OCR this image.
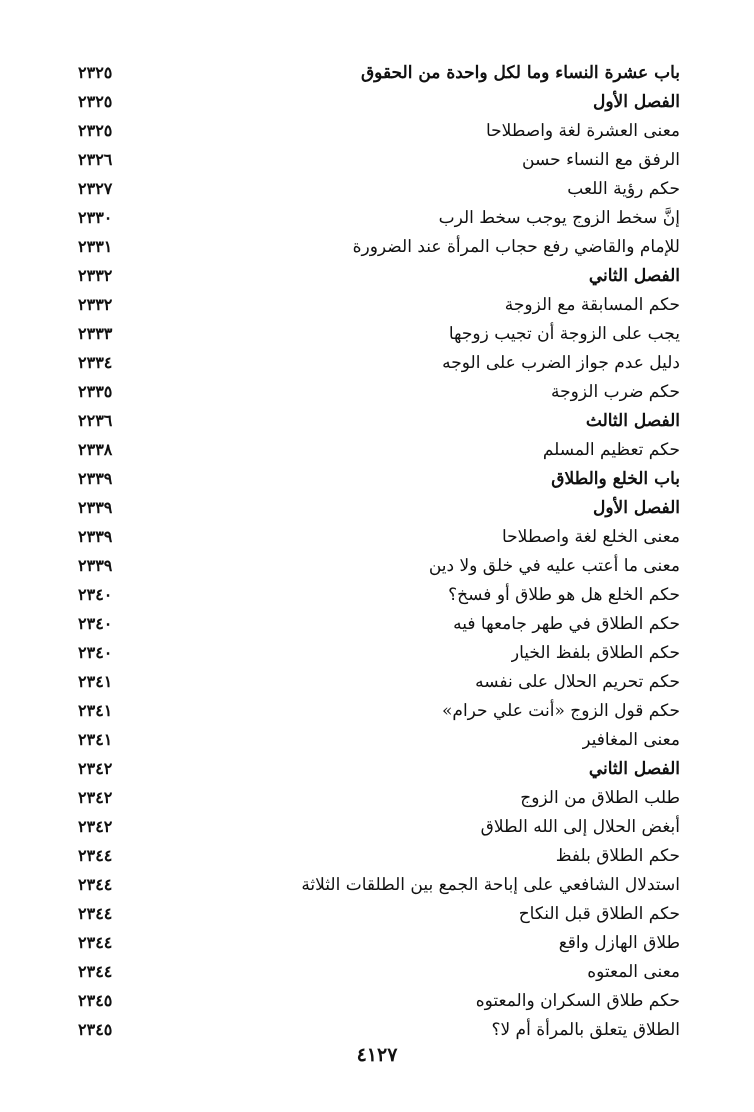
باب عشرة النساء وما لكل واحدة من الحقوق
٢٣٢٥
الفصل الأول
٢٣٢٥
معنى العشرة لغة واصطلاحا
٢٣٢٥
الرفق مع النساء حسن
٢٣٢٦
حكم رؤية اللعب
٢٣٢٧
إنَّ سخط الزوج يوجب سخط الرب
٢٣٣٠
للإمام والقاضي رفع حجاب المرأة عند الضرورة
٢٣٣١
الفصل الثاني
٢٣٣٢
حكم المسابقة مع الزوجة
٢٣٣٢
يجب على الزوجة أن تجيب زوجها
٢٣٣٣
دليل عدم جواز الضرب على الوجه
٢٣٣٤
حكم ضرب الزوجة
٢٣٣٥
الفصل الثالث
٢٢٣٦
حكم تعظيم المسلم
٢٣٣٨
باب الخلع والطلاق
٢٣٣٩
الفصل الأول
٢٣٣٩
معنى الخلع لغة واصطلاحا
٢٣٣٩
معنى ما أعتب عليه في خلق ولا دين
٢٣٣٩
حكم الخلع هل هو طلاق أو فسخ؟
٢٣٤٠
حكم الطلاق في طهر جامعها فيه
٢٣٤٠
حكم الطلاق بلفظ الخيار
٢٣٤٠
حكم تحريم الحلال على نفسه
٢٣٤١
حكم قول الزوج «أنت علي حرام»
٢٣٤١
معنى المغافير
٢٣٤١
الفصل الثاني
٢٣٤٢
طلب الطلاق من الزوج
٢٣٤٢
أبغض الحلال إلى الله الطلاق
٢٣٤٢
حكم الطلاق بلفظ
٢٣٤٤
استدلال الشافعي على إباحة الجمع بين الطلقات الثلاثة
٢٣٤٤
حكم الطلاق قبل النكاح
٢٣٤٤
طلاق الهازل واقع
٢٣٤٤
معنى المعتوه
٢٣٤٤
حكم طلاق السكران والمعتوه
٢٣٤٥
الطلاق يتعلق بالمرأة أم لا؟
٢٣٤٥
٤١٢٧
